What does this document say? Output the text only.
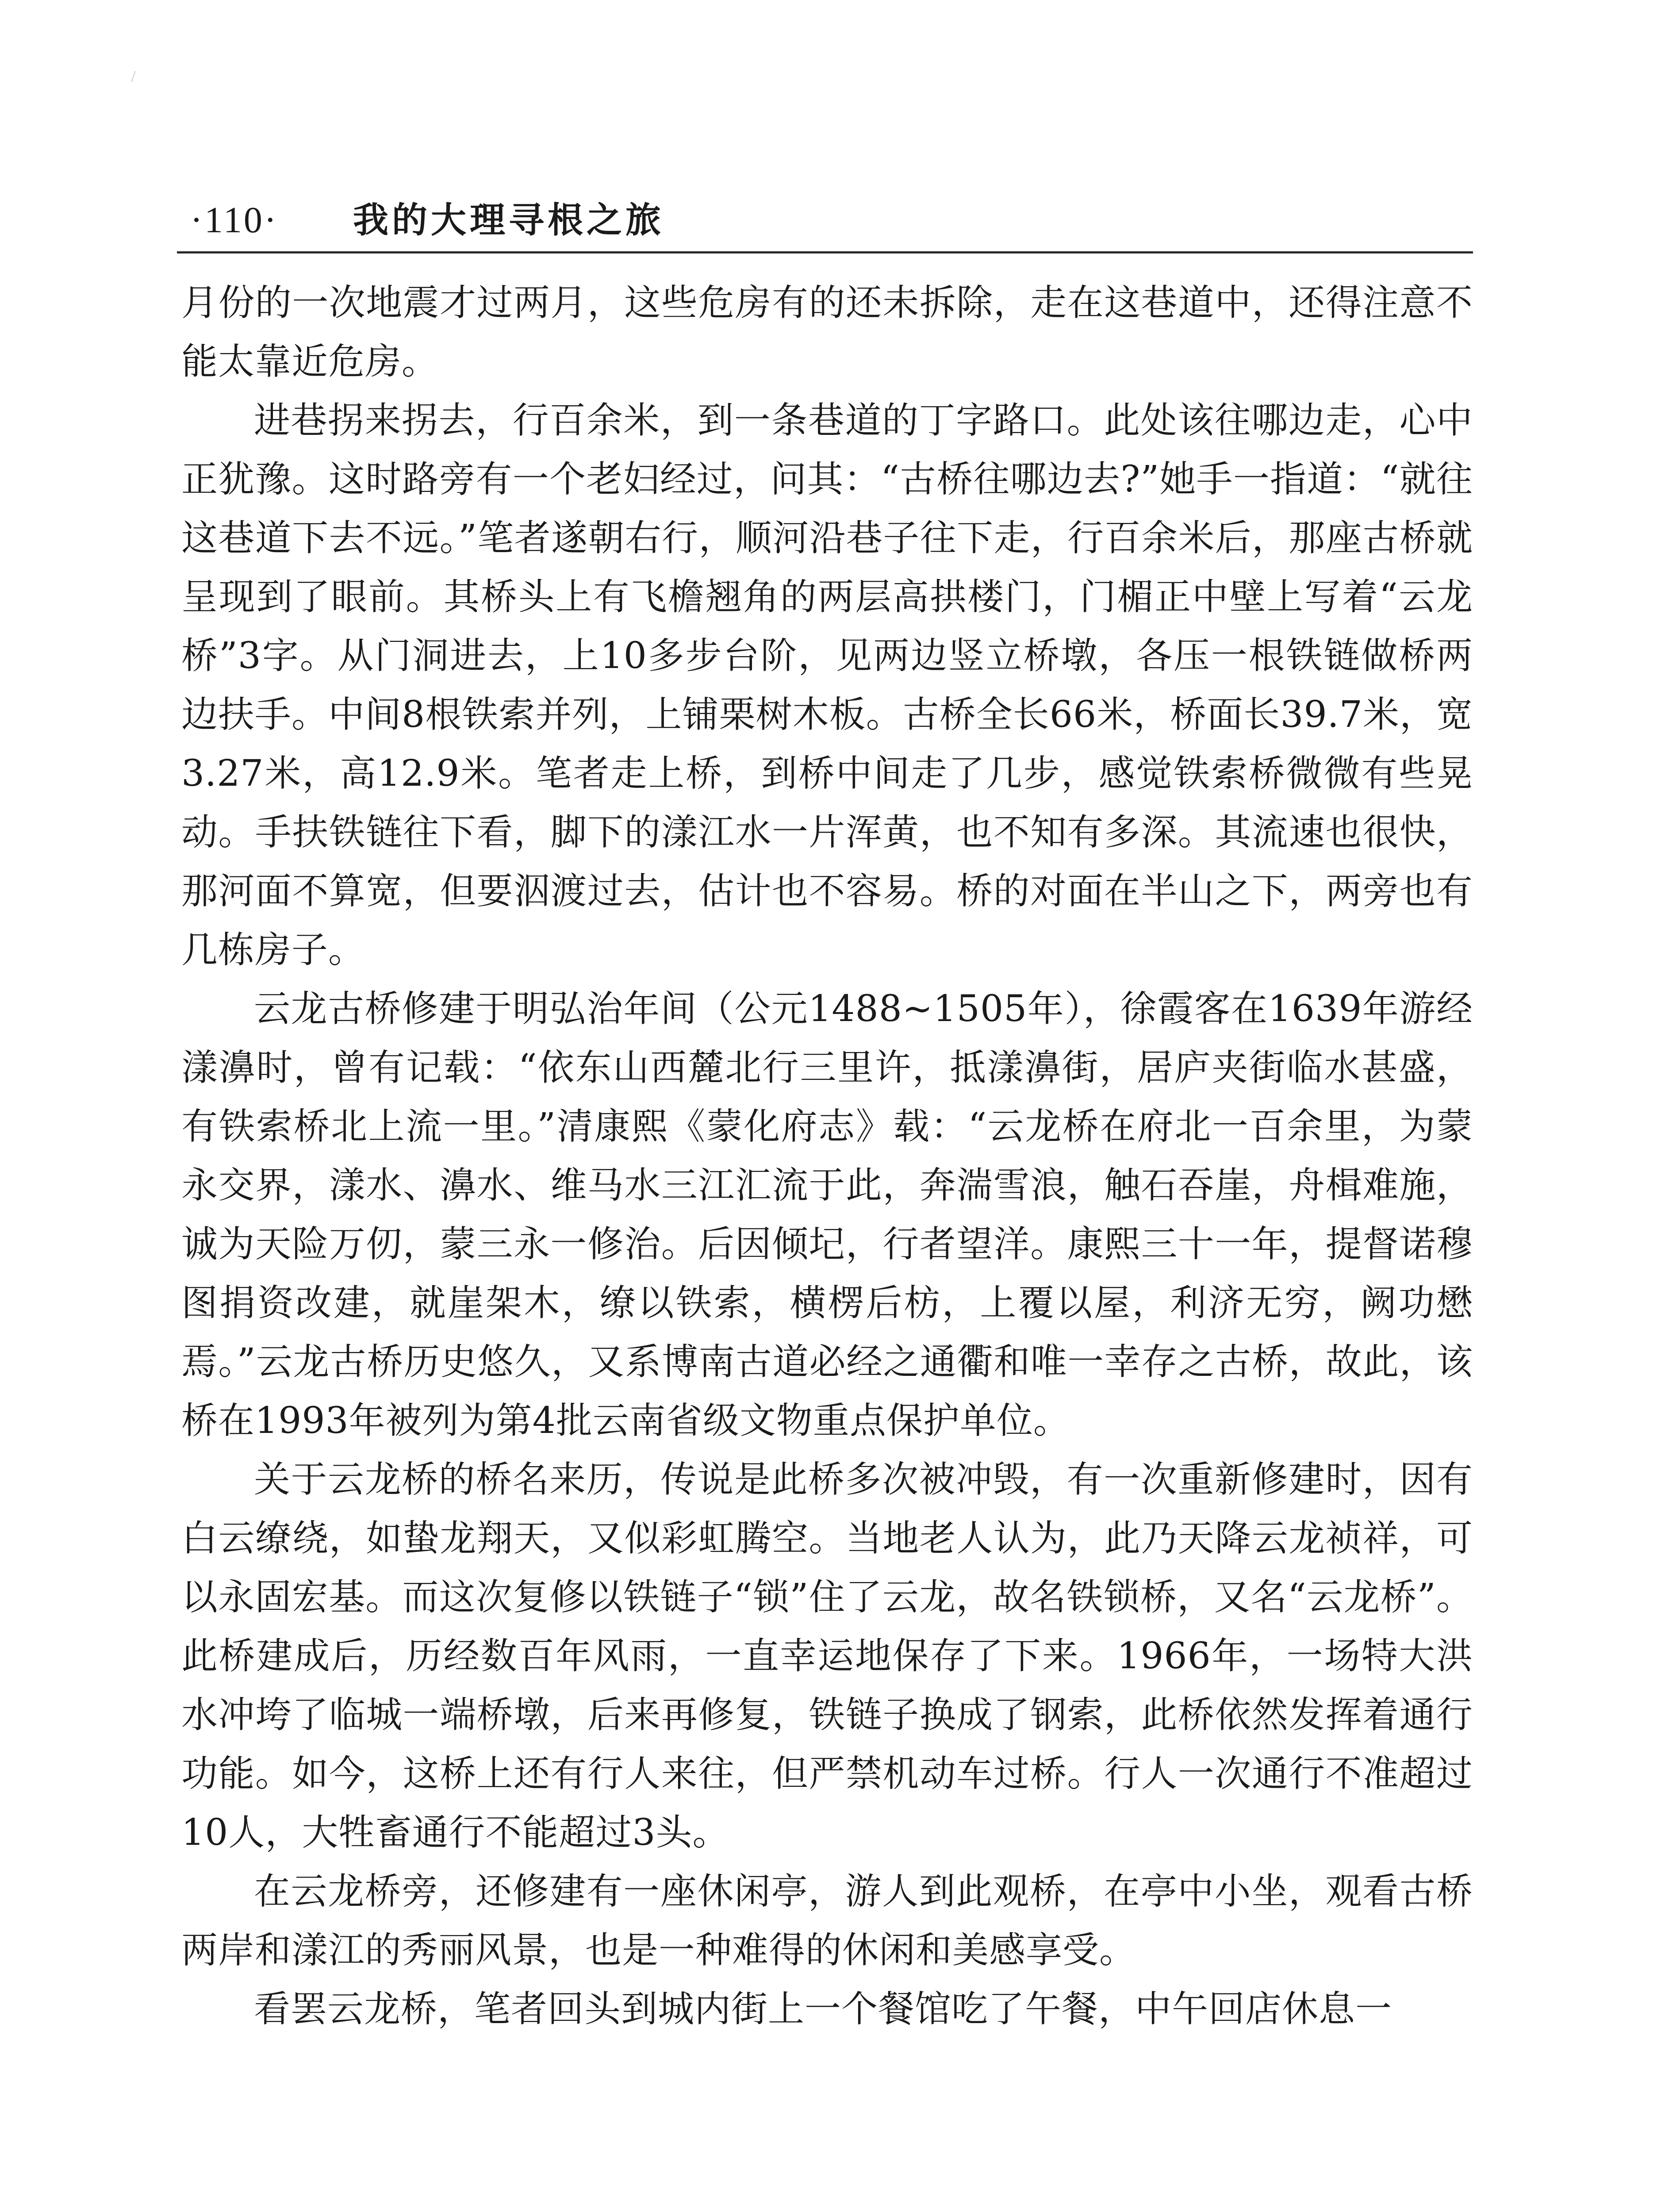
·110· 我的大理寻根之旅

月份的一次地震才过两月，这些危房有的还未拆除，走在这巷道中，还得注意不能太靠近危房。

进巷拐来拐去，行百余米，到一条巷道的丁字路口。此处该往哪边走，心中正犹豫。这时路旁有一个老妇经过，问其：“古桥往哪边去?”她手一指道：“就往这巷道下去不远。”笔者遂朝右行，顺河沿巷子往下走，行百余米后，那座古桥就呈现到了眼前。其桥头上有飞檐翘角的两层高拱楼门，门楣正中壁上写着“云龙桥”3字。从门洞进去，上10多步台阶，见两边竖立桥墩，各压一根铁链做桥两边扶手。中间8根铁索并列，上铺栗树木板。古桥全长66米，桥面长39.7米，宽3.27米，高12.9米。笔者走上桥，到桥中间走了几步，感觉铁索桥微微有些晃动。手扶铁链往下看，脚下的漾江水一片浑黄，也不知有多深。其流速也很快，那河面不算宽，但要泅渡过去，估计也不容易。桥的对面在半山之下，两旁也有几栋房子。

云龙古桥修建于明弘治年间（公元1488~1505年），徐霞客在1639年游经漾濞时，曾有记载：“依东山西麓北行三里许，抵漾濞街，居庐夹街临水甚盛，有铁索桥北上流一里。”清康熙《蒙化府志》载：“云龙桥在府北一百余里，为蒙永交界，漾水、濞水、维马水三江汇流于此，奔湍雪浪，触石吞崖，舟楫难施，诚为天险万仞，蒙三永一修治。后因倾圮，行者望洋。康熙三十一年，提督诺穆图捐资改建，就崖架木，缭以铁索，横楞后枋，上覆以屋，利济无穷，阙功懋焉。”云龙古桥历史悠久，又系博南古道必经之通衢和唯一幸存之古桥，故此，该桥在1993年被列为第4批云南省级文物重点保护单位。

关于云龙桥的桥名来历，传说是此桥多次被冲毁，有一次重新修建时，因有白云缭绕，如蛰龙翔天，又似彩虹腾空。当地老人认为，此乃天降云龙祯祥，可以永固宏基。而这次复修以铁链子“锁”住了云龙，故名铁锁桥，又名“云龙桥”。此桥建成后，历经数百年风雨，一直幸运地保存了下来。1966年，一场特大洪水冲垮了临城一端桥墩，后来再修复，铁链子换成了钢索，此桥依然发挥着通行功能。如今，这桥上还有行人来往，但严禁机动车过桥。行人一次通行不准超过10人，大牲畜通行不能超过3头。

在云龙桥旁，还修建有一座休闲亭，游人到此观桥，在亭中小坐，观看古桥两岸和漾江的秀丽风景，也是一种难得的休闲和美感享受。

看罢云龙桥，笔者回头到城内街上一个餐馆吃了午餐，中午回店休息一
